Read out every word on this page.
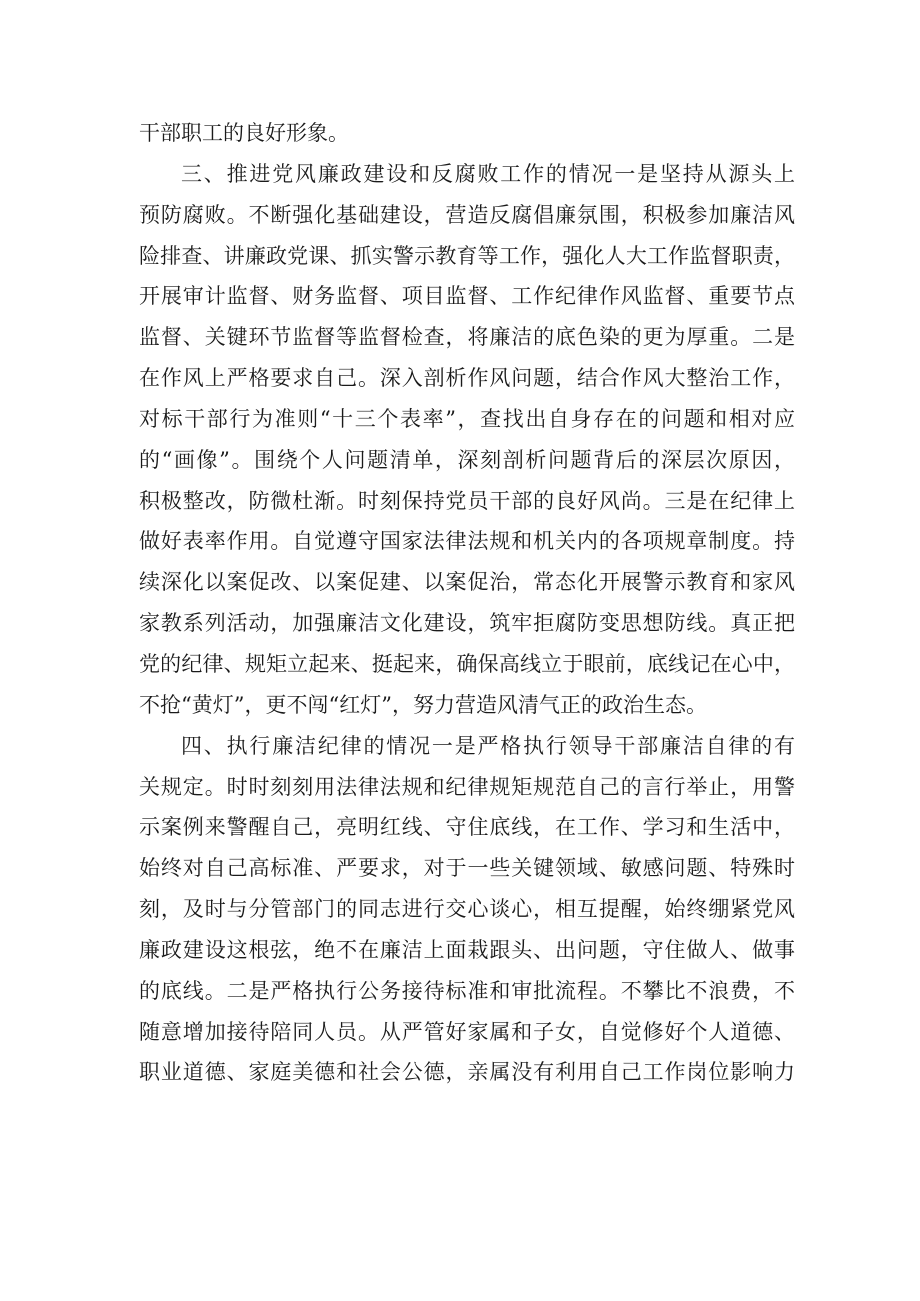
干部职工的良好形象。
三、推进党风廉政建设和反腐败工作的情况一是坚持从源头上
预防腐败。不断强化基础建设，营造反腐倡廉氛围，积极参加廉洁风
险排查、讲廉政党课、抓实警示教育等工作，强化人大工作监督职责，
开展审计监督、财务监督、项目监督、工作纪律作风监督、重要节点
监督、关键环节监督等监督检查，将廉洁的底色染的更为厚重。二是
在作风上严格要求自己。深入剖析作风问题，结合作风大整治工作，
对标干部行为准则“十三个表率”，查找出自身存在的问题和相对应
的“画像”。围绕个人问题清单，深刻剖析问题背后的深层次原因，
积极整改，防微杜渐。时刻保持党员干部的良好风尚。三是在纪律上
做好表率作用。自觉遵守国家法律法规和机关内的各项规章制度。持
续深化以案促改、以案促建、以案促治，常态化开展警示教育和家风
家教系列活动，加强廉洁文化建设，筑牢拒腐防变思想防线。真正把
党的纪律、规矩立起来、挺起来，确保高线立于眼前，底线记在心中，
不抢“黄灯”，更不闯“红灯”，努力营造风清气正的政治生态。
四、执行廉洁纪律的情况一是严格执行领导干部廉洁自律的有
关规定。时时刻刻用法律法规和纪律规矩规范自己的言行举止，用警
示案例来警醒自己，亮明红线、守住底线，在工作、学习和生活中，
始终对自己高标准、严要求，对于一些关键领域、敏感问题、特殊时
刻，及时与分管部门的同志进行交心谈心，相互提醒，始终绷紧党风
廉政建设这根弦，绝不在廉洁上面栽跟头、出问题，守住做人、做事
的底线。二是严格执行公务接待标准和审批流程。不攀比不浪费，不
随意增加接待陪同人员。从严管好家属和子女，自觉修好个人道德、
职业道德、家庭美德和社会公德，亲属没有利用自己工作岗位影响力
